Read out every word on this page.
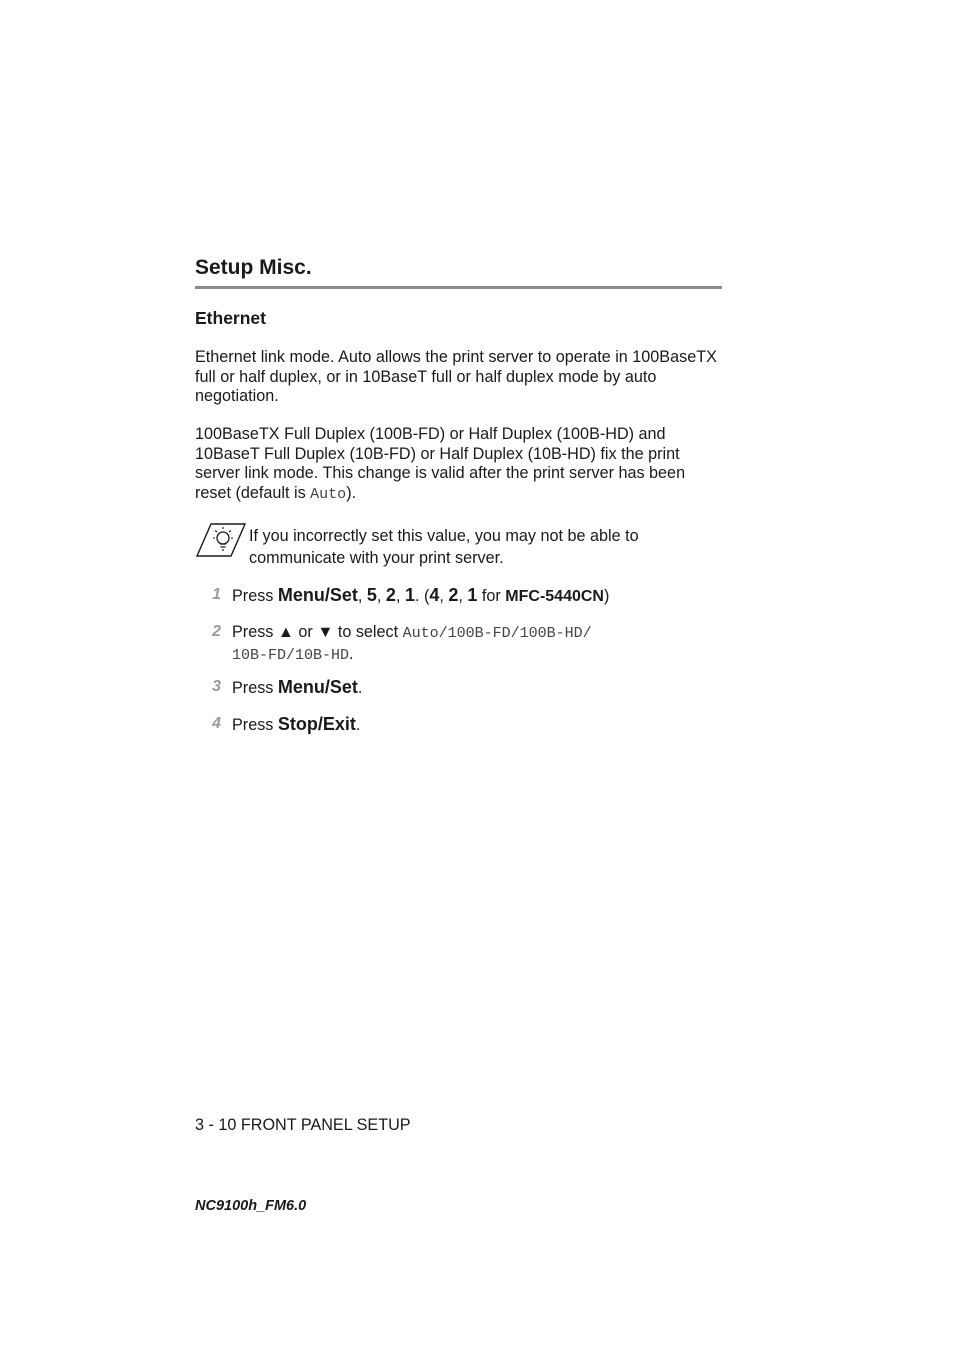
Setup Misc.
Ethernet

Ethernet link mode. Auto allows the print server to operate in 100BaseTX full or half duplex, or in 10BaseT full or half duplex mode by auto negotiation.

100BaseTX Full Duplex (100B-FD) or Half Duplex (100B-HD) and 10BaseT Full Duplex (10B-FD) or Half Duplex (10B-HD) fix the print server link mode. This change is valid after the print server has been reset (default is Auto).

If you incorrectly set this value, you may not be able to communicate with your print server.

1 Press Menu/Set, 5, 2, 1. (4, 2, 1 for MFC-5440CN)
2 Press ▲ or ▼ to select Auto/100B-FD/100B-HD/
10B-FD/10B-HD.
3 Press Menu/Set.
4 Press Stop/Exit.

3 - 10 FRONT PANEL SETUP

NC9100h_FM6.0
